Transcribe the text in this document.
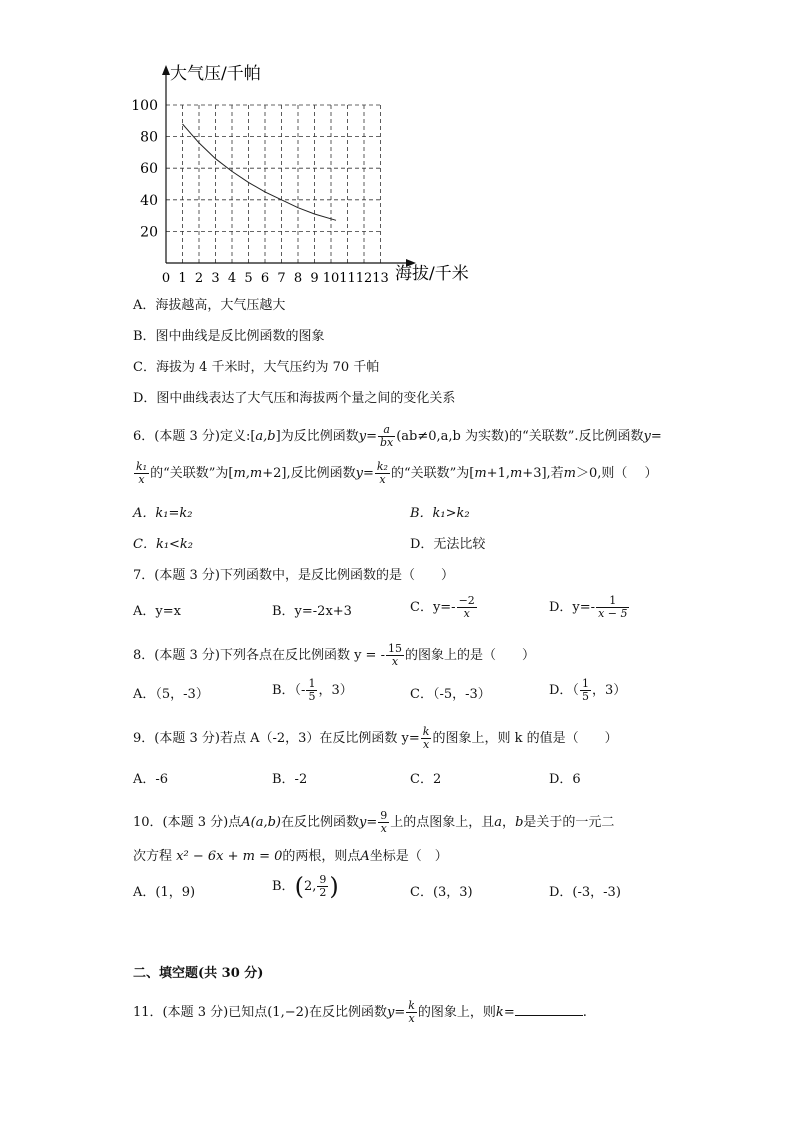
20
40
60
80
100
0 1 2 3 4 5 6 7 8 9 10 11 12 13
大气压/千帕
海拔/千米
A．海拔越高，大气压越大
B．图中曲线是反比例函数的图象
C．海拔为 4 千米时，大气压约为 70 千帕
D．图中曲线表达了大气压和海拔两个量之间的变化关系
6．(本题 3 分)定义:[a,b]为反比例函数$y= \frac{a}{bx} (ab\ne 0,a,b$ 为实数)的“关联数”.反比例函数y=
$\frac{\text{k₁}}{x}$ 的“关联数”为[m,m+2],反比例函数$y= \frac{\text{k₂}}{x}$ 的“关联数”为[m+1,m+3],若m＞0,则（　 ）
A．k₁=k₂	B．k₁>k₂
C．k₁<k₂	D．无法比较
7．(本题 3 分)下列函数中，是反比例函数的是（　　）
A．y=x	B．y=-2x+3	C．$y=- \frac{-2}{x}$	D．$y=- \frac{1}{x - 5}$
8．(本题 3 分)下列各点在反比例函数 y = - $\frac{15}{x}$ 的图象上的是（　　）
A．（5，-3）	B．（- $\frac{1}{5}$ ，3）	C．（-5，-3）	D．（ $\frac{1}{5}$ ，3）
9．(本题 3 分)若点 A（-2，3）在反比例函数 $y= \frac{k}{x}$ 的图象上，则 k 的值是（　　）
A．-6	B．-2	C．2	D．6
10．(本题 3 分)点A(a,b)在反比例函数$y= \frac{9}{x}$ 上的点图象上，且a，b是关于的一元二
次方程 x² − 6x + m = 0的两根，则点A坐标是（　）
A．(1，9)	B．(2, $\frac{9}{2}$ )	C．(3，3)	D．(-3，-3)
二、填空题(共 30 分)
11．(本题 3 分)已知点(1,−2)在反比例函数$y= \frac{k}{x}$ 的图象上，则k=	.
